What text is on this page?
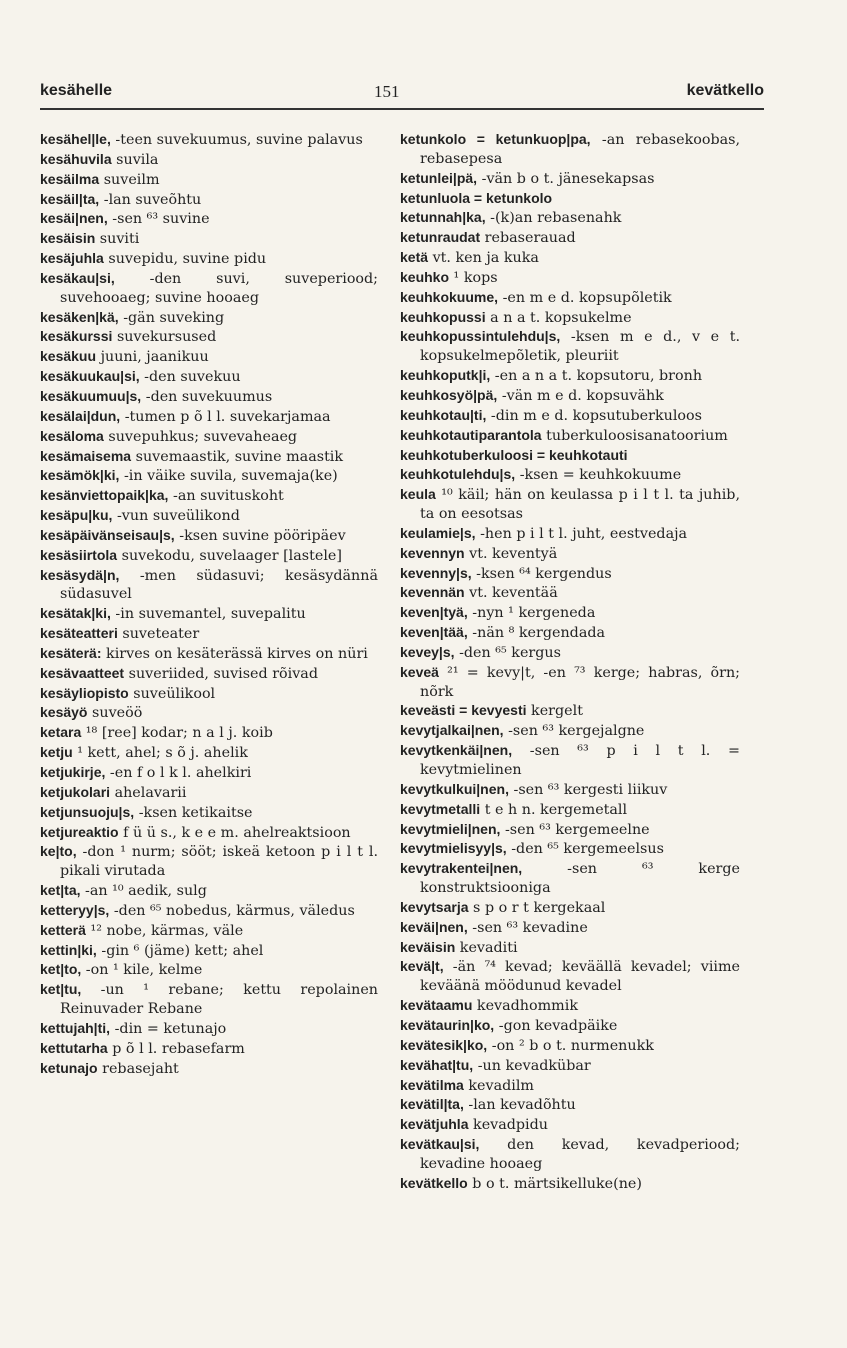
kesähelle	151	kevätkello
kesähel|le, -teen suvekuumus, suvine palavus
kesähuvila suvila
kesäilma suveilm
kesäil|ta, -lan suveõhtu
kesäi|nen, -sen ⁶³ suvine
kesäisin suviti
kesäjuhla suvepidu, suvine pidu
kesäkau|si, -den suvi, suveperiood; suvehooaeg; suvine hooaeg
kesäken|kä, -gän suveking
kesäkurssi suvekursused
kesäkuu juuni, jaanikuu
kesäkuukau|si, -den suvekuu
kesäkuumuu|s, -den suvekuumus
kesälai|dun, -tumen p õ l l. suvekarjamaa
kesäloma suvepuhkus; suvevaheaeg
kesämaisema suvemaastik, suvine maastik
kesämök|ki, -in väike suvila, suvemaja(ke)
kesänviettopaik|ka, -an suvituskoht
kesäpu|ku, -vun suveülikond
kesäpäivänseisau|s, -ksen suvine pööripäev
kesäsiirtola suvekodu, suvelaager [lastele]
kesäsydä|n, -men südasuvi; kesäsydännä südasuvel
kesätak|ki, -in suvemantel, suvepalitu
kesäteatteri suveteater
kesäterä: kirves on kesäterässä kirves on nüri
kesävaatteet suveriided, suvised rõivad
kesäyliopisto suveülikool
kesäyö suveöö
ketara ¹⁸ [ree] kodar; n a l j. koib
ketju ¹ kett, ahel; s õ j. ahelik
ketjukirje, -en f o l k l. ahelkiri
ketjukolari ahelavarii
ketjunsuoju|s, -ksen ketikaitse
ketjureaktio f ü ü s., k e e m. ahelreaktsioon
ke|to, -don ¹ nurm; sööt; iskeä ketoon p i l t l. pikali virutada
ket|ta, -an ¹⁰ aedik, sulg
ketteryy|s, -den ⁶⁵ nobedus, kärmus, väledus
ketterä ¹² nobe, kärmas, väle
kettin|ki, -gin ⁶ (jäme) kett; ahel
ket|to, -on ¹ kile, kelme
ket|tu, -un ¹ rebane; kettu repolainen Reinuvader Rebane
kettujah|ti, -din = ketunajo
kettutarha p õ l l. rebasefarm
ketunajo rebasejaht
ketunkolo = ketunkuop|pa, -an rebasekoobas, rebasepesa
ketunlei|pä, -vän b o t. jänesekapsas
ketunluola = ketunkolo
ketunnah|ka, -(k)an rebasenahk
ketunraudat rebaserauad
ketä vt. ken ja kuka
keuhko ¹ kops
keuhkokuume, -en m e d. kopsupõletik
keuhkopussi a n a t. kopsukelme
keuhkopussintulehdu|s, -ksen m e d., v e t. kopsukelmepõletik, pleuriit
keuhkoputk|i, -en a n a t. kopsutoru, bronh
keuhkosyö|pä, -vän m e d. kopsuvähk
keuhkotau|ti, -din m e d. kopsutuberkuloos
keuhkotautiparantola tuberkuloosisanatoorium
keuhkotuberkuloosi = keuhkotauti
keuhkotulehdu|s, -ksen = keuhkokuume
keula ¹⁰ käil; hän on keulassa p i l t l. ta juhib, ta on eesotsas
keulamie|s, -hen p i l t l. juht, eestvedaja
kevennyn vt. keventyä
kevenny|s, -ksen ⁶⁴ kergendus
kevennän vt. keventää
keven|tyä, -nyn ¹ kergeneda
keven|tää, -nän ⁸ kergendada
kevey|s, -den ⁶⁵ kergus
keveä ²¹ = kevy|t, -en ⁷³ kerge; habras, õrn; nõrk
keveästi = kevyesti kergelt
kevytjalkai|nen, -sen ⁶³ kergejalgne
kevytkenkäi|nen, -sen ⁶³ p i l t l. = kevytmielinen
kevytkulkui|nen, -sen ⁶³ kergesti liikuv
kevytmetalli t e h n. kergemetall
kevytmieli|nen, -sen ⁶³ kergemeelne
kevytmielisyy|s, -den ⁶⁵ kergemeelsus
kevytrakentei|nen, -sen ⁶³ kerge konstruktsiooniga
kevytsarja s p o r t kergekaal
keväi|nen, -sen ⁶³ kevadine
keväisin kevaditi
kevä|t, -än ⁷⁴ kevad; keväällä kevadel; viime keväänä möödunud kevadel
kevätaamu kevadhommik
kevätaurin|ko, -gon kevadpäike
kevätesik|ko, -on ² b o t. nurmenukk
kevähat|tu, -un kevadkübar
kevätilma kevadilm
kevätil|ta, -lan kevadõhtu
kevätjuhla kevadpidu
kevätkau|si, den kevad, kevadperiood; kevadine hooaeg
kevätkello b o t. märtsikelluke(ne)
